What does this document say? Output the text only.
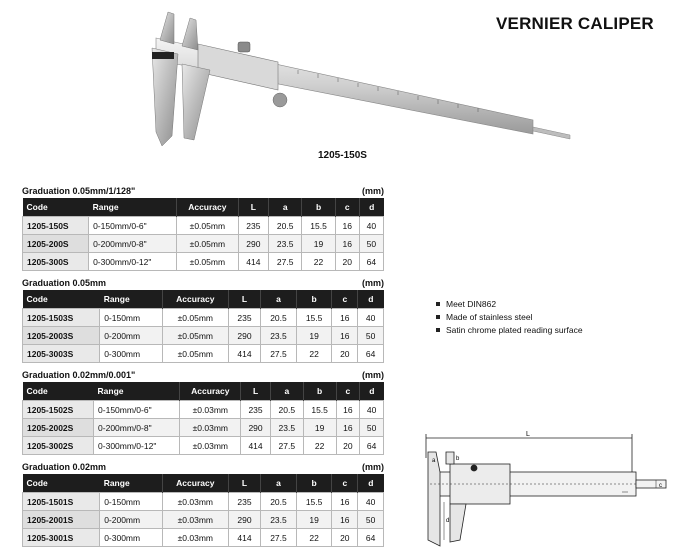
VERNIER CALIPER
1205-150S
Graduation 0.05mm/1/128"	(mm)
Code	Range	Accuracy	L	a	b	c	d
1205-150S	0-150mm/0-6"	±0.05mm	235	20.5	15.5	16	40
1205-200S	0-200mm/0-8"	±0.05mm	290	23.5	19	16	50
1205-300S	0-300mm/0-12"	±0.05mm	414	27.5	22	20	64
Graduation 0.05mm	(mm)
Code	Range	Accuracy	L	a	b	c	d
1205-1503S	0-150mm	±0.05mm	235	20.5	15.5	16	40
1205-2003S	0-200mm	±0.05mm	290	23.5	19	16	50
1205-3003S	0-300mm	±0.05mm	414	27.5	22	20	64
Graduation 0.02mm/0.001"	(mm)
Code	Range	Accuracy	L	a	b	c	d
1205-1502S	0-150mm/0-6"	±0.03mm	235	20.5	15.5	16	40
1205-2002S	0-200mm/0-8"	±0.03mm	290	23.5	19	16	50
1205-3002S	0-300mm/0-12"	±0.03mm	414	27.5	22	20	64
Graduation 0.02mm	(mm)
Code	Range	Accuracy	L	a	b	c	d
1205-1501S	0-150mm	±0.03mm	235	20.5	15.5	16	40
1205-2001S	0-200mm	±0.03mm	290	23.5	19	16	50
1205-3001S	0-300mm	±0.03mm	414	27.5	22	20	64
Meet DIN862
Made of stainless steel
Satin chrome plated reading surface
L
d
c
a	b
